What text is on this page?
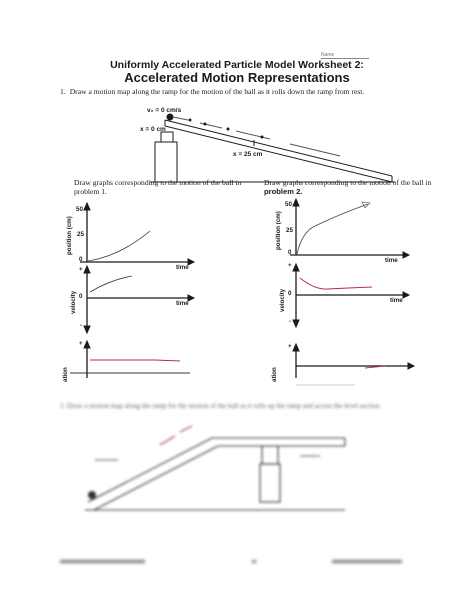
Name
Uniformly Accelerated Particle Model Worksheet 2:
Accelerated Motion Representations
1. Draw a motion map along the ramp for the motion of the ball as it rolls down the ramp from rest.
v₀ = 0 cm/s
x = 0 cm
x = 25 cm
Draw graphs corresponding to the motion of the ball in problem 1.
position (cm)
50
25
0
time
velocity
+
0
-
time
+
ation
Draw graphs corresponding to the motion of the ball in problem 2.
position (cm)
50
25
0
time
velocity
+
0
-
time
+
ation
2. Draw a motion map along the ramp for the motion of the ball as it rolls up the ramp and across the level section.
